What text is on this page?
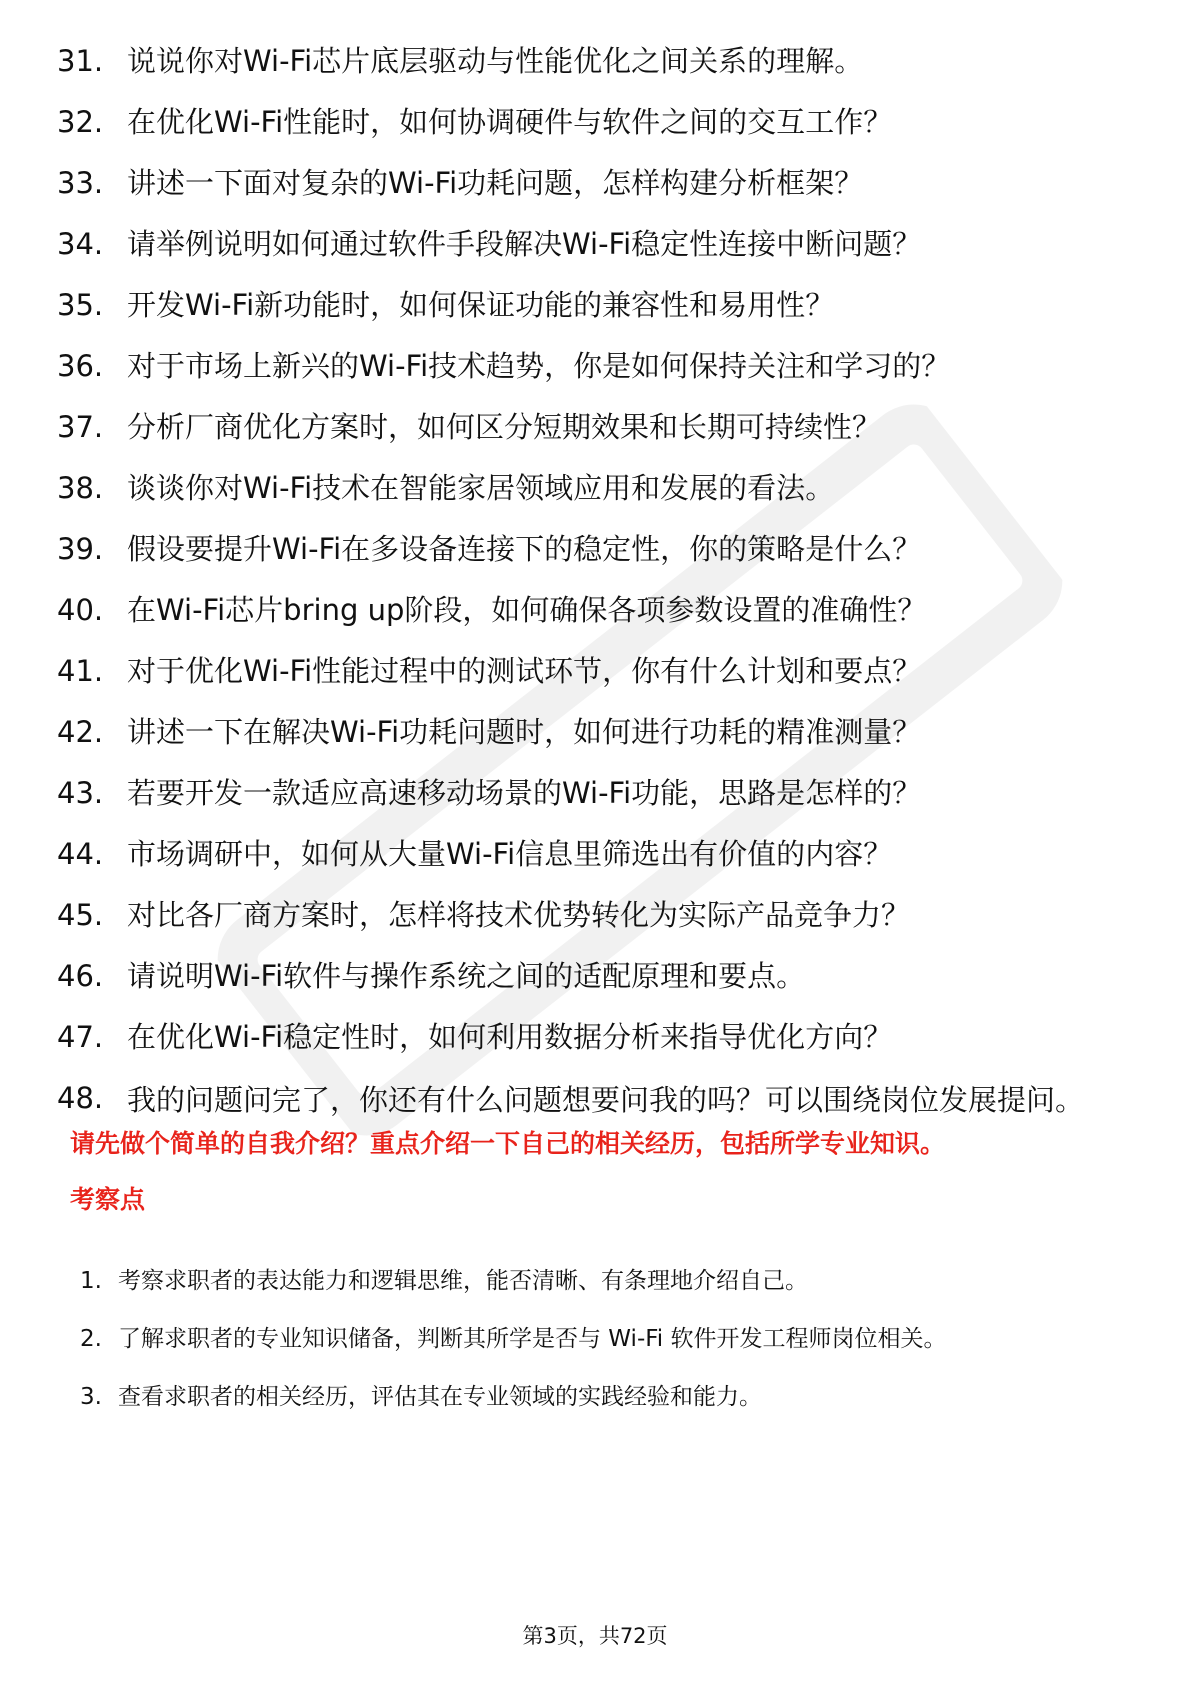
31. 说说你对Wi-Fi芯片底层驱动与性能优化之间关系的理解。
32. 在优化Wi-Fi性能时，如何协调硬件与软件之间的交互工作？
33. 讲述一下面对复杂的Wi-Fi功耗问题，怎样构建分析框架？
34. 请举例说明如何通过软件手段解决Wi-Fi稳定性连接中断问题？
35. 开发Wi-Fi新功能时，如何保证功能的兼容性和易用性？
36. 对于市场上新兴的Wi-Fi技术趋势，你是如何保持关注和学习的？
37. 分析厂商优化方案时，如何区分短期效果和长期可持续性？
38. 谈谈你对Wi-Fi技术在智能家居领域应用和发展的看法。
39. 假设要提升Wi-Fi在多设备连接下的稳定性，你的策略是什么？
40. 在Wi-Fi芯片bring up阶段，如何确保各项参数设置的准确性？
41. 对于优化Wi-Fi性能过程中的测试环节，你有什么计划和要点？
42. 讲述一下在解决Wi-Fi功耗问题时，如何进行功耗的精准测量？
43. 若要开发一款适应高速移动场景的Wi-Fi功能，思路是怎样的？
44. 市场调研中，如何从大量Wi-Fi信息里筛选出有价值的内容？
45. 对比各厂商方案时，怎样将技术优势转化为实际产品竞争力？
46. 请说明Wi-Fi软件与操作系统之间的适配原理和要点。
47. 在优化Wi-Fi稳定性时，如何利用数据分析来指导优化方向？
48. 我的问题问完了，你还有什么问题想要问我的吗？可以围绕岗位发展提问。
请先做个简单的自我介绍？重点介绍一下自己的相关经历，包括所学专业知识。
考察点
1. 考察求职者的表达能力和逻辑思维，能否清晰、有条理地介绍自己。
2. 了解求职者的专业知识储备，判断其所学是否与 Wi-Fi 软件开发工程师岗位相关。
3. 查看求职者的相关经历，评估其在专业领域的实践经验和能力。
第3页，共72页
